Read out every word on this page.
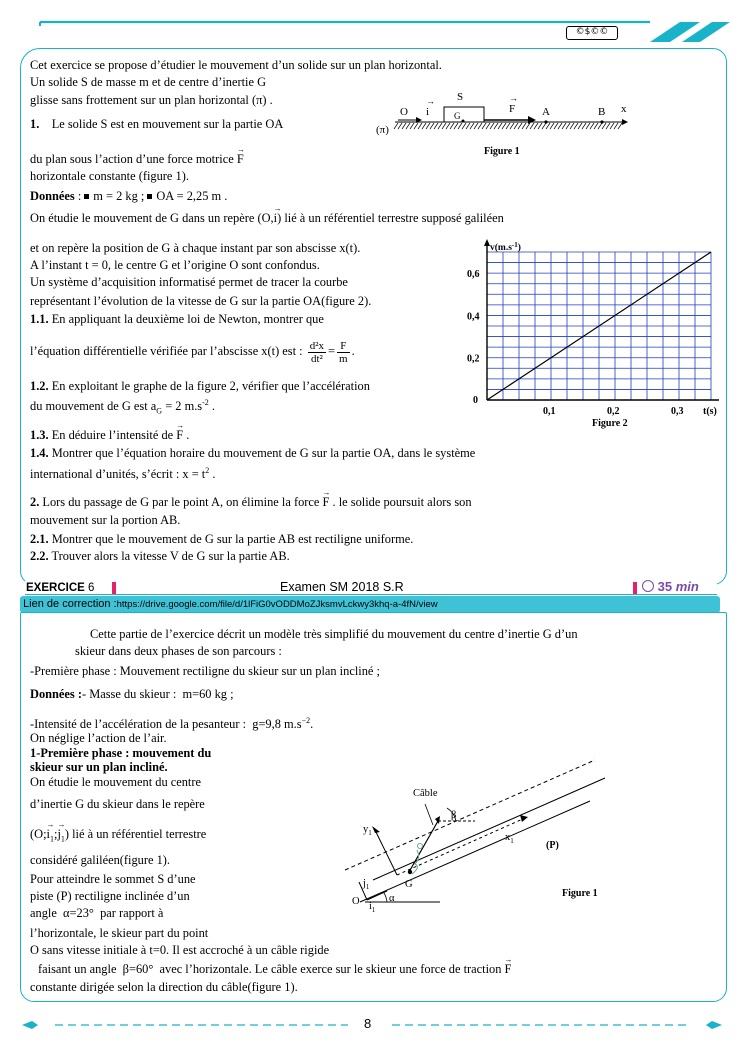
©$©©
Cet exercice se propose d’étudier le mouvement d’un solide sur un plan horizontal.
Un solide S de masse m et de centre d’inertie G
glisse sans frottement sur un plan horizontal (π) .
1. Le solide S est en mouvement sur la partie OA
du plan sous l’action d’une force motrice → F
horizontale constante (figure 1).
Données : m = 2 kg ; OA = 2,25 m .
On étudie le mouvement de G dans un repère (O,→ i) lié à un référentiel terrestre supposé galiléen
et on repère la position de G à chaque instant par son abscisse x(t).
A l’instant t = 0, le centre G et l’origine O sont confondus.
Un système d’acquisition informatisé permet de tracer la courbe
représentant l’évolution de la vitesse de G sur la partie OA(figure 2).
1.1. En appliquant la deuxième loi de Newton, montrer que
l’équation différentielle vérifiée par l’abscisse x(t) est : $\frac{\text{d²x}}{\text{dt²}} = \frac{F}{m}$ .
1.2. En exploitant le graphe de la figure 2, vérifier que l’accélération
du mouvement de G est $a_G = 2$ $m.s^{-2}$ .
1.3. En déduire l’intensité de → F .
1.4. Montrer que l’équation horaire du mouvement de G sur la partie OA, dans le système
international d’unités, s’écrit : $x = t^2$ .
2. Lors du passage de G par le point A, on élimine la force → F . le solide poursuit alors son
mouvement sur la portion AB.
2.1. Montrer que le mouvement de G sur la partie AB est rectiligne uniforme.
2.2. Trouver alors la vitesse V de G sur la partie AB.
O i
→ S
G
F
→
A	B x
(π)
Figure 1
0,6
0,4
0,2
0,1	0,2	0,3
0
$v(m.s^{-1})$
t(s)
Figure 2
EXERCICE 6	Examen SM 2018 S.R	35 min
Lien de correction :https://drive.google.com/file/d/1lFiG0vODDMoZJksmvLckwy3khq-a-4fN/view
Cette partie de l’exercice décrit un modèle très simplifié du mouvement du centre d’inertie G d’un
skieur dans deux phases de son parcours :
-Première phase : Mouvement rectiligne du skieur sur un plan incliné ;
Données :- Masse du skieur : m=60 kg ;
-Intensité de l’accélération de la pesanteur : g=9,8 $m.s^{-2}$.
On néglige l’action de l’air.
1-Première phase : mouvement du
skieur sur un plan incliné.
On étudie le mouvement du centre
d’inertie G du skieur dans le repère
(O;→ $i_1;\to j_1$) lié à un référentiel terrestre
considéré galiléen(figure 1).
Pour atteindre le sommet S d’une
piste (P) rectiligne inclinée d’un
angle α=23° par rapport à
l’horizontale, le skieur part du point
O sans vitesse initiale à t=0. Il est accroché à un câble rigide
faisant un angle β=60° avec l’horizontale. Le câble exerce sur le skieur une force de traction → F
constante dirigée selon la direction du câble(figure 1).
Câble
β
$x_1$
$y_1$
(P)
G
O
$j_1$
$i_1$
α	Figure 1
8
